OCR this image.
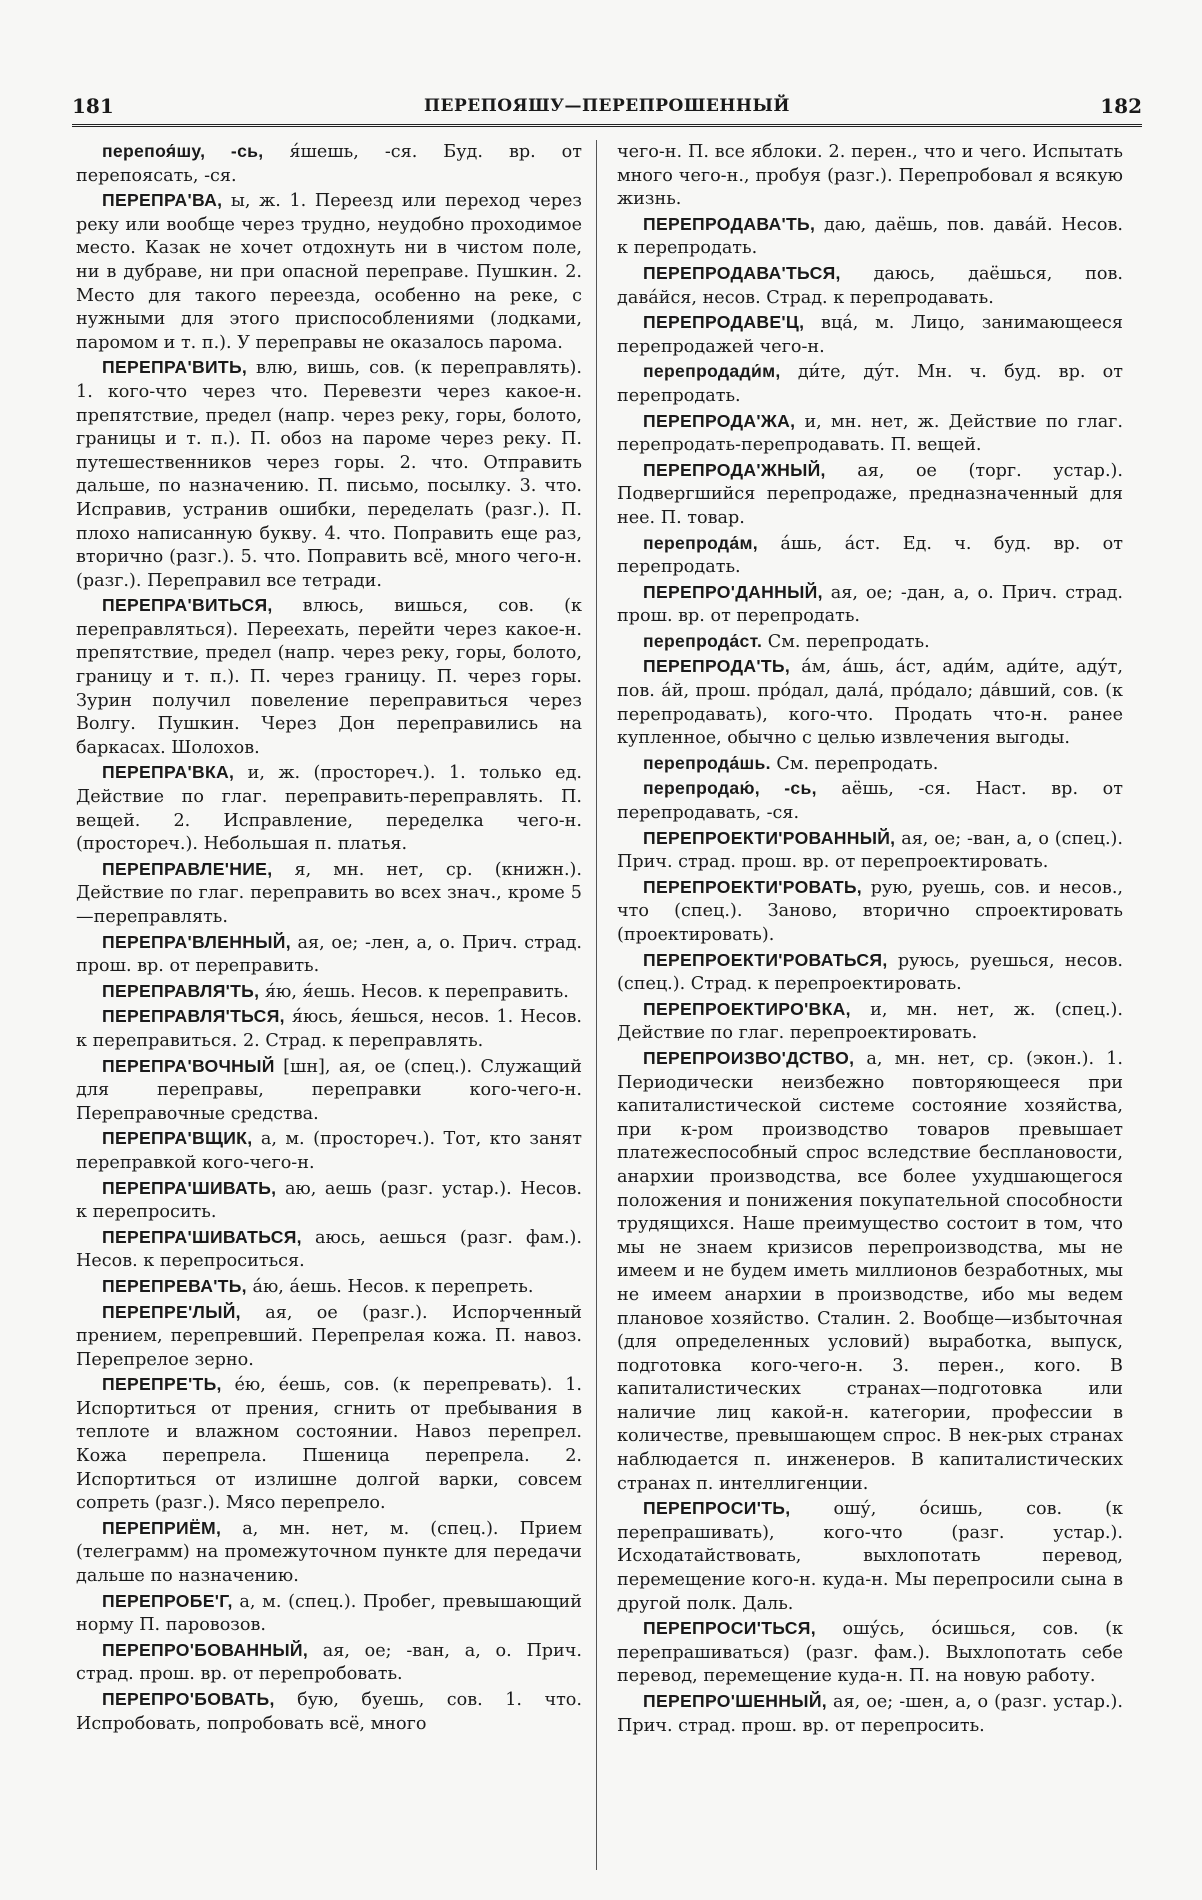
181	ПЕРЕПОЯШУ—ПЕРЕПРОШЕННЫЙ	182

перепоя́шу, -сь, я́шешь, -ся. Буд. вр. от перепоясать, -ся.

ПЕРЕПРА'ВА, ы, ж. 1. Переезд или переход через реку или вообще через трудно, неудобно проходимое место. Казак не хочет отдохнуть ни в чистом поле, ни в дубраве, ни при опасной переправе. Пушкин. 2. Место для такого переезда, особенно на реке, с нужными для этого приспособлениями (лодками, паромом и т. п.). У переправы не оказалось парома.

ПЕРЕПРА'ВИТЬ, влю, вишь, сов. (к переправлять). 1. кого-что через что. Перевезти через какое-н. препятствие, предел (напр. через реку, горы, болото, границы и т. п.). П. обоз на пароме через реку. П. путешественников через горы. 2. что. Отправить дальше, по назначению. П. письмо, посылку. 3. что. Исправив, устранив ошибки, переделать (разг.). П. плохо написанную букву. 4. что. Поправить еще раз, вторично (разг.). 5. что. Поправить всё, много чего-н. (разг.). Переправил все тетради.

ПЕРЕПРА'ВИТЬСЯ, влюсь, вишься, сов. (к переправляться). Переехать, перейти через какое-н. препятствие, предел (напр. через реку, горы, болото, границу и т. п.). П. через границу. П. через горы. Зурин получил повеление переправиться через Волгу. Пушкин. Через Дон переправились на баркасах. Шолохов.

ПЕРЕПРА'ВКА, и, ж. (простореч.). 1. только ед. Действие по глаг. переправить-переправлять. П. вещей. 2. Исправление, переделка чего-н. (простореч.). Небольшая п. платья.

ПЕРЕПРАВЛЕ'НИЕ, я, мн. нет, ср. (книжн.). Действие по глаг. переправить во всех знач., кроме 5—переправлять.

ПЕРЕПРА'ВЛЕННЫЙ, ая, ое; -лен, а, о. Прич. страд. прош. вр. от переправить.

ПЕРЕПРАВЛЯ'ТЬ, я́ю, я́ешь. Несов. к переправить.

ПЕРЕПРАВЛЯ'ТЬСЯ, я́юсь, я́ешься, несов. 1. Несов. к переправиться. 2. Страд. к переправлять.

ПЕРЕПРА'ВОЧНЫЙ [шн], ая, ое (спец.). Служащий для переправы, переправки кого-чего-н. Переправочные средства.

ПЕРЕПРА'ВЩИК, а, м. (простореч.). Тот, кто занят переправкой кого-чего-н.

ПЕРЕПРА'ШИВАТЬ, аю, аешь (разг. устар.). Несов. к перепросить.

ПЕРЕПРА'ШИВАТЬСЯ, аюсь, аешься (разг. фам.). Несов. к перепроситься.

ПЕРЕПРЕВА'ТЬ, а́ю, а́ешь. Несов. к перепреть.

ПЕРЕПРЕ'ЛЫЙ, ая, ое (разг.). Испорченный прением, перепревший. Перепрелая кожа. П. навоз. Перепрелое зерно.

ПЕРЕПРЕ'ТЬ, е́ю, е́ешь, сов. (к перепревать). 1. Испортиться от прения, сгнить от пребывания в теплоте и влажном состоянии. Навоз перепрел. Кожа перепрела. Пшеница перепрела. 2. Испортиться от излишне долгой варки, совсем сопреть (разг.). Мясо перепрело.

ПЕРЕПРИЁМ, а, мн. нет, м. (спец.). Прием (телеграмм) на промежуточном пункте для передачи дальше по назначению.

ПЕРЕПРОБЕ'Г, а, м. (спец.). Пробег, превышающий норму П. паровозов.

ПЕРЕПРО'БОВАННЫЙ, ая, ое; -ван, а, о. Прич. страд. прош. вр. от перепробовать.

ПЕРЕПРО'БОВАТЬ, бую, буешь, сов. 1. что. Испробовать, попробовать всё, много

чего-н. П. все яблоки. 2. перен., что и чего. Испытать много чего-н., пробуя (разг.). Перепробовал я всякую жизнь.

ПЕРЕПРОДАВА'ТЬ, даю, даёшь, пов. дава́й. Несов. к перепродать.

ПЕРЕПРОДАВА'ТЬСЯ, даюсь, даёшься, пов. дава́йся, несов. Страд. к перепродавать.

ПЕРЕПРОДАВЕ'Ц, вца́, м. Лицо, занимающееся перепродажей чего-н.

перепродади́м, ди́те, ду́т. Мн. ч. буд. вр. от перепродать.

ПЕРЕПРОДА'ЖА, и, мн. нет, ж. Действие по глаг. перепродать-перепродавать. П. вещей.

ПЕРЕПРОДА'ЖНЫЙ, ая, ое (торг. устар.). Подвергшийся перепродаже, предназначенный для нее. П. товар.

перепрода́м, а́шь, а́ст. Ед. ч. буд. вр. от перепродать.

ПЕРЕПРО'ДАННЫЙ, ая, ое; -дан, а, о. Прич. страд. прош. вр. от перепродать.

перепрода́ст. См. перепродать.

ПЕРЕПРОДА'ТЬ, а́м, а́шь, а́ст, ади́м, ади́те, аду́т, пов. а́й, прош. про́дал, дала́, про́дало; да́вший, сов. (к перепродавать), кого-что. Продать что-н. ранее купленное, обычно с целью извлечения выгоды.

перепрода́шь. См. перепродать.

перепродаю́, -сь, аёшь, -ся. Наст. вр. от перепродавать, -ся.

ПЕРЕПРОЕКТИ'РОВАННЫЙ, ая, ое; -ван, а, о (спец.). Прич. страд. прош. вр. от перепроектировать.

ПЕРЕПРОЕКТИ'РОВАТЬ, рую, руешь, сов. и несов., что (спец.). Заново, вторично спроектировать (проектировать).

ПЕРЕПРОЕКТИ'РОВАТЬСЯ, руюсь, руешься, несов. (спец.). Страд. к перепроектировать.

ПЕРЕПРОЕКТИРО'ВКА, и, мн. нет, ж. (спец.). Действие по глаг. перепроектировать.

ПЕРЕПРОИЗВО'ДСТВО, а, мн. нет, ср. (экон.). 1. Периодически неизбежно повторяющееся при капиталистической системе состояние хозяйства, при к-ром производство товаров превышает платежеспособный спрос вследствие бесплановости, анархии производства, все более ухудшающегося положения и понижения покупательной способности трудящихся. Наше преимущество состоит в том, что мы не знаем кризисов перепроизводства, мы не имеем и не будем иметь миллионов безработных, мы не имеем анархии в производстве, ибо мы ведем плановое хозяйство. Сталин. 2. Вообще—избыточная (для определенных условий) выработка, выпуск, подготовка кого-чего-н. 3. перен., кого. В капиталистических странах—подготовка или наличие лиц какой-н. категории, профессии в количестве, превышающем спрос. В нек-рых странах наблюдается п. инженеров. В капиталистических странах п. интеллигенции.

ПЕРЕПРОСИ'ТЬ, ошу́, о́сишь, сов. (к перепрашивать), кого-что (разг. устар.). Исходатайствовать, выхлопотать перевод, перемещение кого-н. куда-н. Мы перепросили сына в другой полк. Даль.

ПЕРЕПРОСИ'ТЬСЯ, ошу́сь, о́сишься, сов. (к перепрашиваться) (разг. фам.). Выхлопотать себе перевод, перемещение куда-н. П. на новую работу.

ПЕРЕПРО'ШЕННЫЙ, ая, ое; -шен, а, о (разг. устар.). Прич. страд. прош. вр. от перепросить.
